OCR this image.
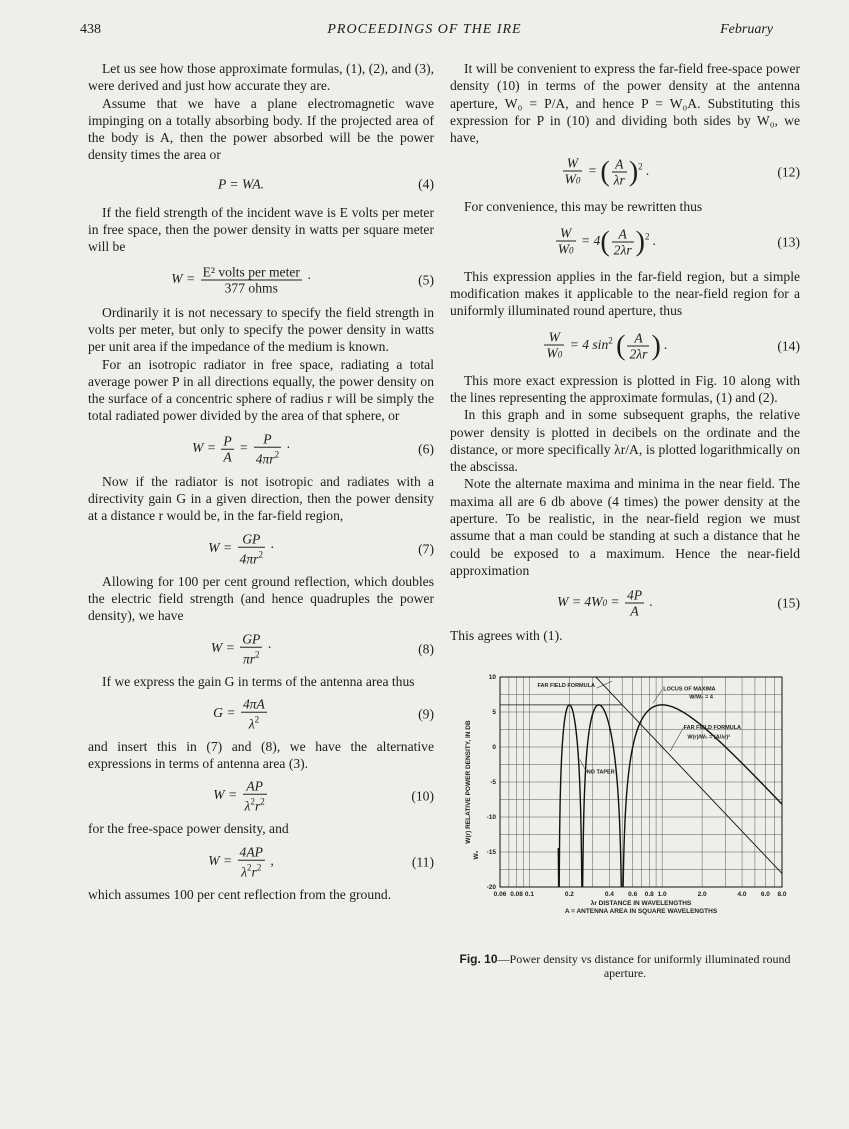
438	PROCEEDINGS OF THE IRE	February

Let us see how those approximate formulas, (1), (2), and (3), were derived and just how accurate they are.

Assume that we have a plane electromagnetic wave impinging on a totally absorbing body. If the projected area of the body is A, then the power absorbed will be the power density times the area or

P = WA.	(4)

If the field strength of the incident wave is E volts per meter in free space, then the power density in watts per square meter will be

W = E² volts per meter
377 ohms
·	(5)

Ordinarily it is not necessary to specify the field strength in volts per meter, but only to specify the power density in watts per unit area if the impedance of the medium is known.

For an isotropic radiator in free space, radiating a total average power P in all directions equally, the power density on the surface of a concentric sphere of radius r will be simply the total radiated power divided by the area of that sphere, or

$W = \frac{P}{A} = \frac{P}{4\pi r^2}$ ·	(6)

Now if the radiator is not isotropic and radiates with a directivity gain G in a given direction, then the power density at a distance r would be, in the far-field region,

$W = \frac{GP}{4\pi r^2}$ ·	(7)

Allowing for 100 per cent ground reflection, which doubles the electric field strength (and hence quadruples the power density), we have

$W = \frac{GP}{\pi r^2}$ ·	(8)

If we express the gain G in terms of the antenna area thus

$G = \frac{4\pi A}{\lambda^2}$	(9)

and insert this in (7) and (8), we have the alternative expressions in terms of antenna area (3).

$W = \frac{AP}{\lambda^2r^2}$	(10)

for the free-space power density, and

$W = \frac{4AP}{\lambda^2r^2}$ ,	(11)

which assumes 100 per cent reflection from the ground.

It will be convenient to express the far-field free-space power density (10) in terms of the power density at the antenna aperture, W₀ = P/A, and hence P = W₀A. Substituting this expression for P in (10) and dividing both sides by W₀, we have,

$\frac{W}{W0}$ = ( $\frac{A}{\lambda r} )^2$ .	(12)

For convenience, this may be rewritten thus

$\frac{W}{W0} = 4( \frac{A}{2\lambda r} )^2$ .	(13)

This expression applies in the far-field region, but a simple modification makes it applicable to the near-field region for a uniformly illuminated round aperture, thus

$\frac{W}{W0} = 4$ $\sin^2$ ( $\frac{A}{2\lambda r}$ ) .	(14)

This more exact expression is plotted in Fig. 10 along with the lines representing the approximate formulas, (1) and (2).

In this graph and in some subsequent graphs, the relative power density is plotted in decibels on the ordinate and the distance, or more specifically λr/A, is plotted logarithmically on the abscissa.

Note the alternate maxima and minima in the near field. The maxima all are 6 db above (4 times) the power density at the aperture. To be realistic, in the near-field region we must assume that a man could be standing at such a distance that he could be exposed to a maximum. Hence the near-field approximation

$W = 4W0 = \frac{4P}{A}$ .	(15)

This agrees with (1).

10
5
0
-5
-10
-15
-20
0.06 0.08 0.1	0.2	0.4 0.6 0.8 1.0	2.0	4.0 6.0 8.0
λr DISTANCE IN WAVELENGTHS
A = ANTENNA AREA IN SQUARE WAVELENGTHS
W(r) RELATIVE POWER DENSITY, IN DB
W₀
FAR FIELD FORMULA
LOCUS OF MAXIMA
W/W₀ = 4
FAR FIELD FORMULA
W(r)/W₀ = (A/λr)²
NO TAPER
Fig. 10—Power density vs distance for uniformly illuminated round aperture.
